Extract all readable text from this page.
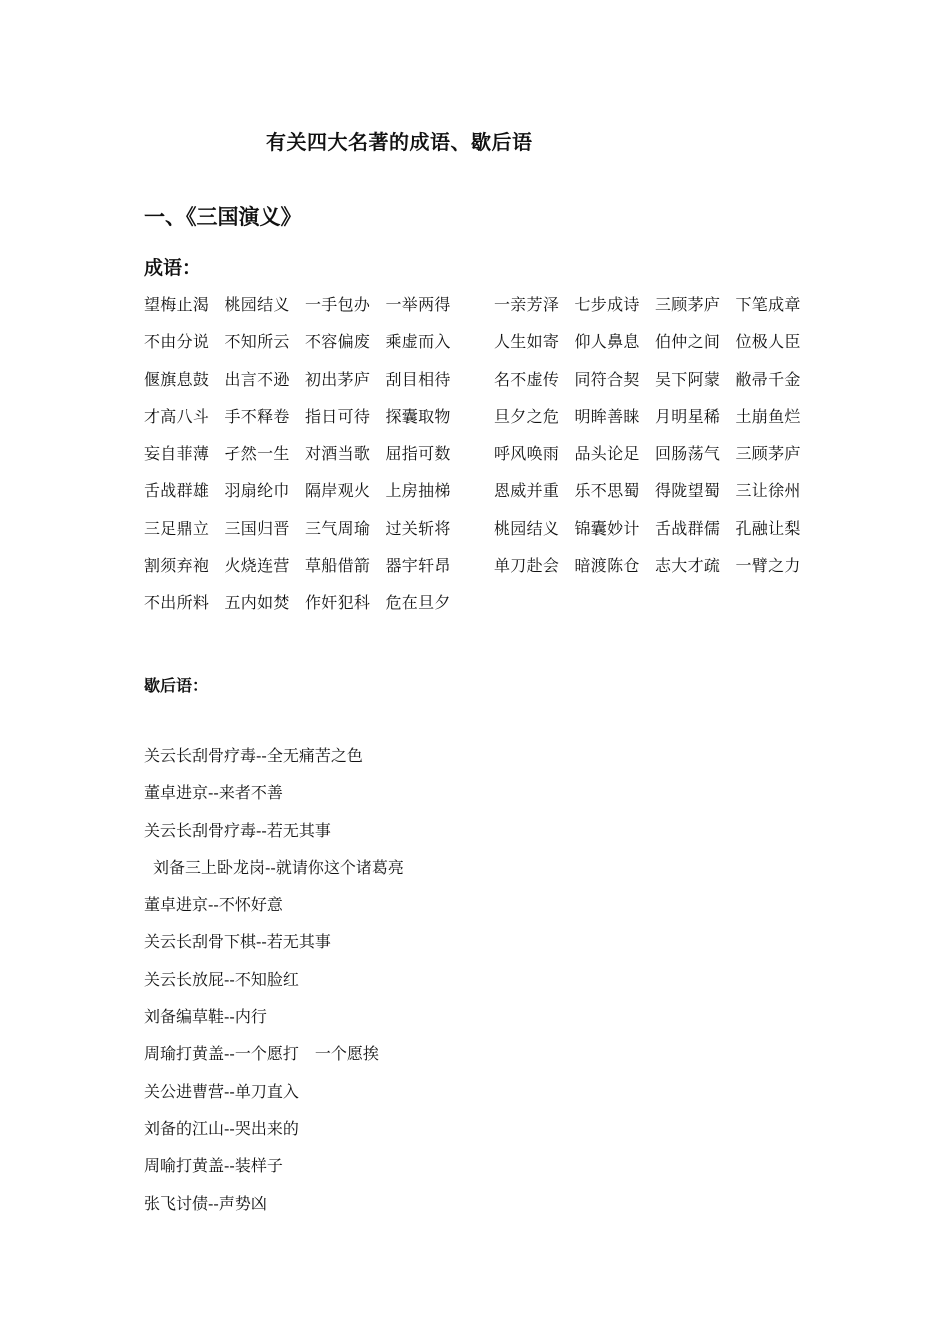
有关四大名著的成语、歇后语
一、《三国演义》
成语：
望梅止渴 桃园结义 一手包办 一举两得	一亲芳泽 七步成诗 三顾茅庐 下笔成章
不由分说 不知所云 不容偏废 乘虚而入	人生如寄 仰人鼻息 伯仲之间 位极人臣
偃旗息鼓 出言不逊 初出茅庐 刮目相待	名不虚传 同符合契 吴下阿蒙 敝帚千金
才高八斗 手不释卷 指日可待 探囊取物	旦夕之危 明眸善睐 月明星稀 土崩鱼烂
妄自菲薄 孑然一生 对酒当歌 屈指可数	呼风唤雨 品头论足 回肠荡气 三顾茅庐
舌战群雄 羽扇纶巾 隔岸观火 上房抽梯	恩威并重 乐不思蜀 得陇望蜀 三让徐州
三足鼎立 三国归晋 三气周瑜 过关斩将	桃园结义 锦囊妙计 舌战群儒 孔融让梨
割须弃袍 火烧连营 草船借箭 器宇轩昂	单刀赴会 暗渡陈仓 志大才疏 一臂之力
不出所料 五内如焚 作奸犯科 危在旦夕
歇后语：
关云长刮骨疗毒--全无痛苦之色
董卓进京--来者不善
关云长刮骨疗毒--若无其事
刘备三上卧龙岗--就请你这个诸葛亮
董卓进京--不怀好意
关云长刮骨下棋--若无其事
关云长放屁--不知脸红
刘备编草鞋--内行
周瑜打黄盖--一个愿打　一个愿挨
关公进曹营--单刀直入
刘备的江山--哭出来的
周喻打黄盖--装样子
张飞讨债--声势凶
